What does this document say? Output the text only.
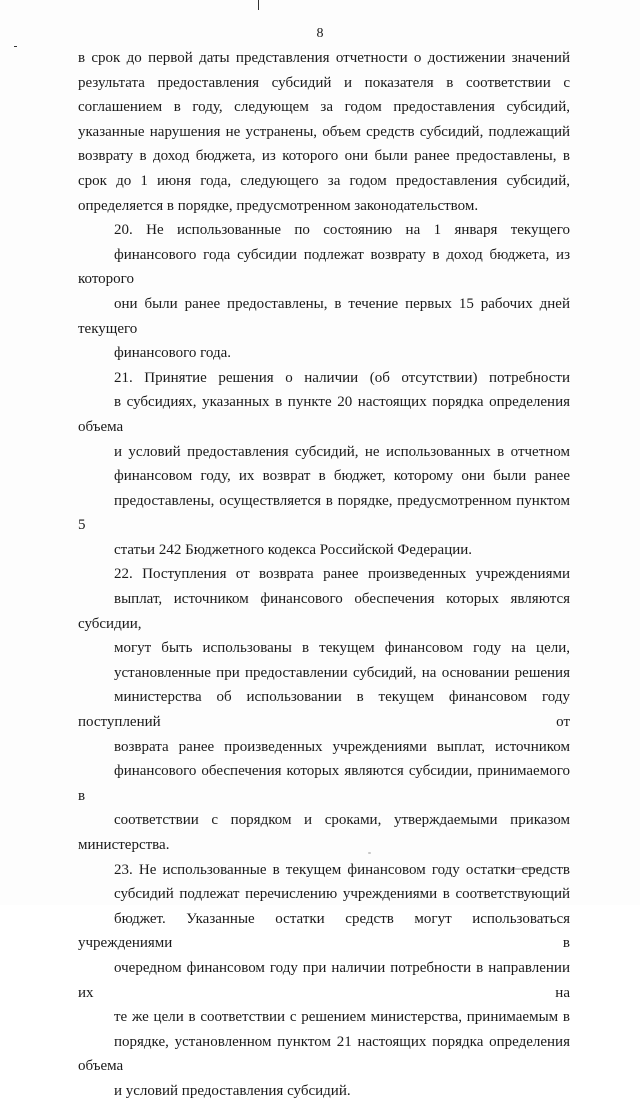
8
в срок до первой даты представления отчетности о достижении значений
результата предоставления субсидий и показателя в соответствии с
соглашением в году, следующем за годом предоставления субсидий,
указанные нарушения не устранены, объем средств субсидий, подлежащий
возврату в доход бюджета, из которого они были ранее предоставлены, в
срок до 1 июня года, следующего за годом предоставления субсидий,
определяется в порядке, предусмотренном законодательством.
20. Не использованные по состоянию на 1 января текущего
финансового года субсидии подлежат возврату в доход бюджета, из которого
они были ранее предоставлены, в течение первых 15 рабочих дней текущего
финансового года.
21. Принятие решения о наличии (об отсутствии) потребности
в субсидиях, указанных в пункте 20 настоящих порядка определения объема
и условий предоставления субсидий, не использованных в отчетном
финансовом году, их возврат в бюджет, которому они были ранее
предоставлены, осуществляется в порядке, предусмотренном пунктом 5
статьи 242 Бюджетного кодекса Российской Федерации.
22. Поступления от возврата ранее произведенных учреждениями
выплат, источником финансового обеспечения которых являются субсидии,
могут быть использованы в текущем финансовом году на цели,
установленные при предоставлении субсидий, на основании решения
министерства об использовании в текущем финансовом году поступлений от
возврата ранее произведенных учреждениями выплат, источником
финансового обеспечения которых являются субсидии, принимаемого в
соответствии с порядком и сроками, утверждаемыми приказом министерства.
23. Не использованные в текущем финансовом году остатки средств
субсидий подлежат перечислению учреждениями в соответствующий
бюджет. Указанные остатки средств могут использоваться учреждениями в
очередном финансовом году при наличии потребности в направлении их на
те же цели в соответствии с решением министерства, принимаемым в
порядке, установленном пунктом 21 настоящих порядка определения объема
и условий предоставления субсидий.
